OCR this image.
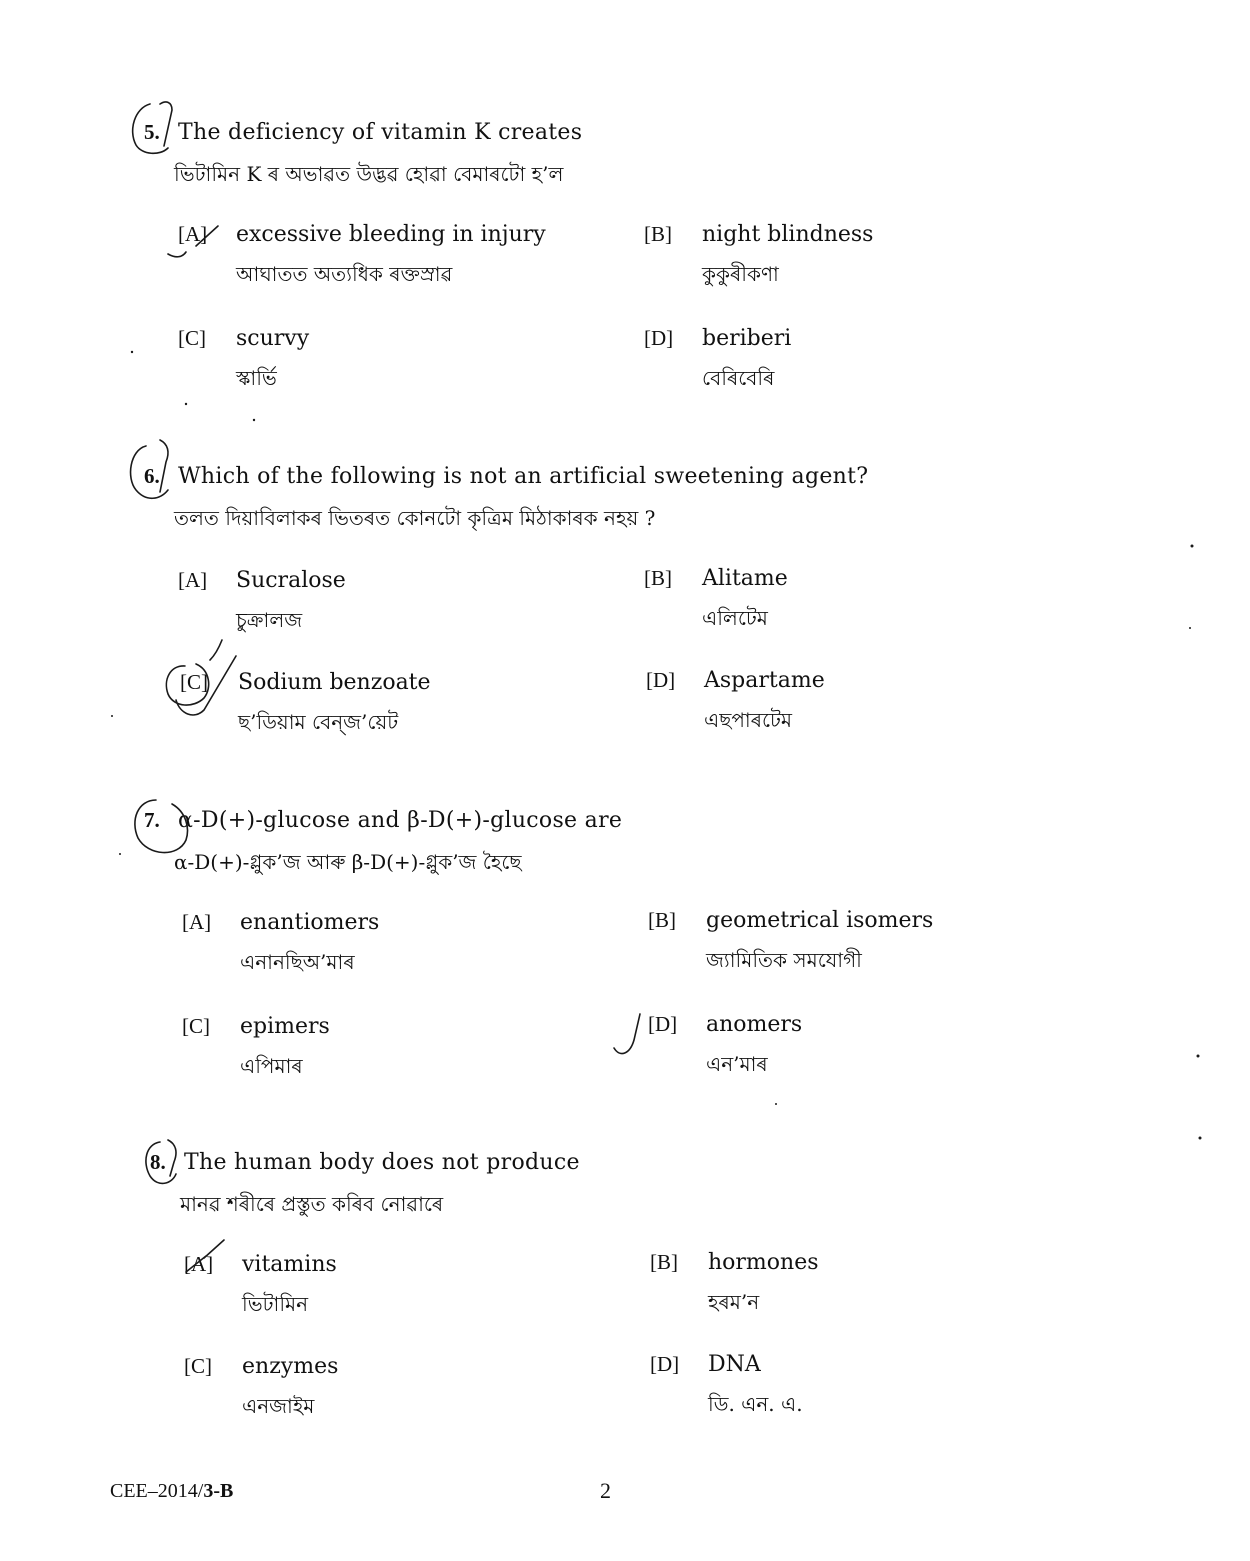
5. The deficiency of vitamin K creates
ভিটামিন K ৰ অভাৱত উদ্ভৱ হোৱা বেমাৰটো হ’ল
[A] excessive bleeding in injury
আঘাতত অত্যধিক ৰক্তস্রাৱ
[B] night blindness
কুকুৰীকণা
[C] scurvy
স্কাৰ্ভি
[D] beriberi
বেৰিবেৰি
6. Which of the following is not an artificial sweetening agent?
তলত দিয়াবিলাকৰ ভিতৰত কোনটো কৃত্ৰিম মিঠাকাৰক নহয় ?
[A] Sucralose
চুক্ৰালজ
[B] Alitame
এলিটেম
[C] Sodium benzoate
ছ’ডিয়াম বেন্‌জ’য়েট
[D] Aspartame
এছপাৰটেম
7. α-D(+)-glucose and β-D(+)-glucose are
α-D(+)-গ্লুক’জ আৰু β-D(+)-গ্লুক’জ হৈছে
[A] enantiomers
এনানছিঅ’মাৰ
[B] geometrical isomers
জ্যামিতিক সমযোগী
[C] epimers
এপিমাৰ
[D] anomers
এন’মাৰ
8. The human body does not produce
মানৱ শৰীৰে প্ৰস্তুত কৰিব নোৱাৰে
[A] vitamins
ভিটামিন
[B] hormones
হৰম’ন
[C] enzymes
এনজাইম
[D] DNA
ডি. এন. এ.
CEE–2014/3-B	2
